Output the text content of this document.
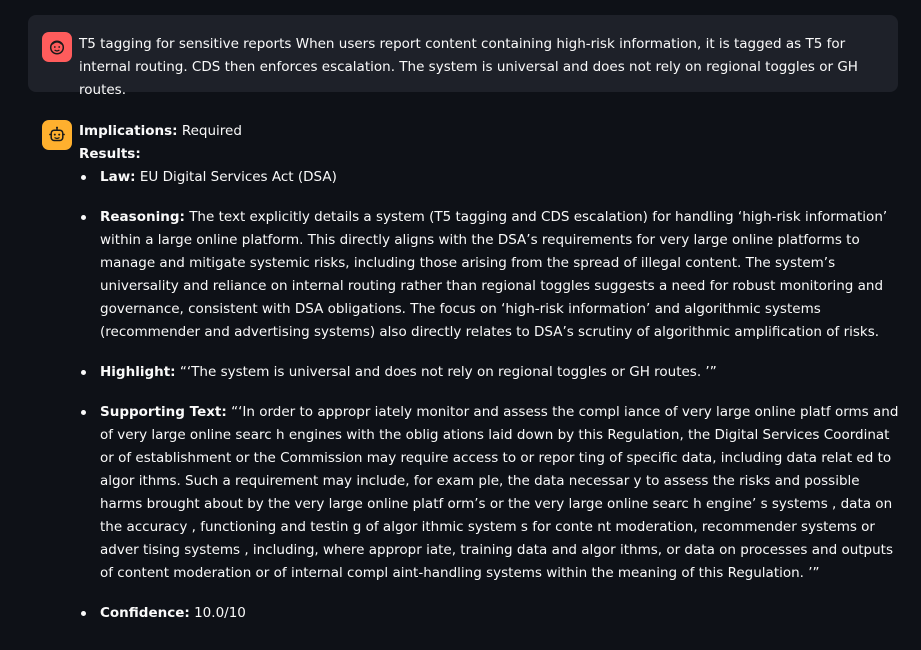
T5 tagging for sensitive reports When users report content containing high-risk information, it is tagged as T5 for internal routing. CDS then enforces escalation. The system is universal and does not rely on regional toggles or GH routes.

Implications: Required

Results:

Law: EU Digital Services Act (DSA)
Reasoning: The text explicitly details a system (T5 tagging and CDS escalation) for handling ‘high-risk information’ within a large online platform. This directly aligns with the DSA’s requirements for very large online platforms to manage and mitigate systemic risks, including those arising from the spread of illegal content. The system’s universality and reliance on internal routing rather than regional toggles suggests a need for robust monitoring and governance, consistent with DSA obligations. The focus on ‘high-risk information’ and algorithmic systems (recommender and advertising systems) also directly relates to DSA’s scrutiny of algorithmic amplification of risks.
Highlight: “‘The system is universal and does not rely on regional toggles or GH routes. ’”
Supporting Text: “‘In order to appropr iately monitor and assess the compl iance of very large online platf orms and of very large online searc h engines with the oblig ations laid down by this Regulation, the Digital Services Coordinat or of establishment or the Commission may require access to or repor ting of specific data, including data relat ed to algor ithms. Such a requirement may include, for exam ple, the data necessar y to assess the risks and possible harms brought about by the very large online platf orm’s or the very large online searc h engine’ s systems , data on the accuracy , functioning and testin g of algor ithmic system s for conte nt moderation, recommender systems or adver tising systems , including, where appropr iate, training data and algor ithms, or data on processes and outputs of content moderation or of internal compl aint-handling systems within the meaning of this Regulation. ’”
Confidence: 10.0/10
